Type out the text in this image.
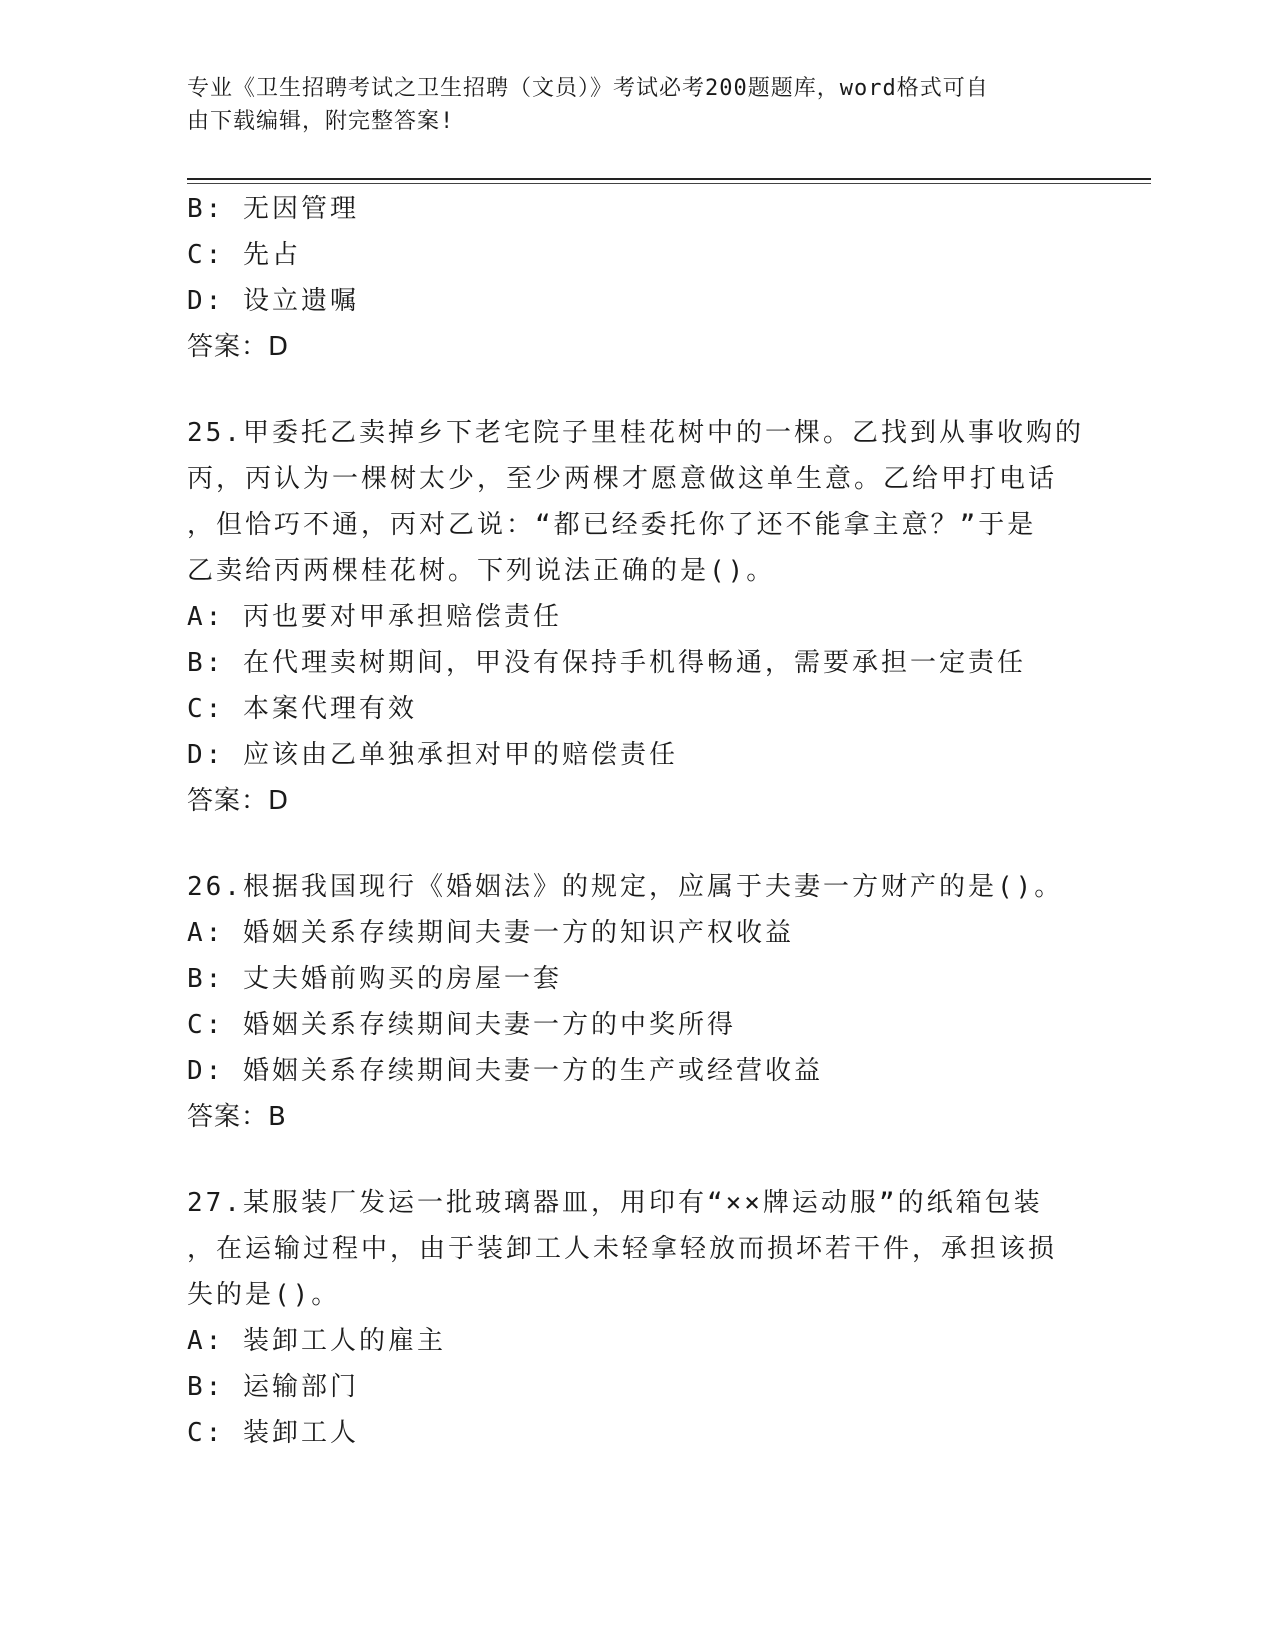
专业《卫生招聘考试之卫生招聘（文员）》考试必考200题题库，word格式可自
由下载编辑，附完整答案!
B: 无因管理
C: 先占
D: 设立遗嘱
答案：D
25.甲委托乙卖掉乡下老宅院子里桂花树中的一棵。乙找到从事收购的
丙，丙认为一棵树太少，至少两棵才愿意做这单生意。乙给甲打电话
，但恰巧不通，丙对乙说：“都已经委托你了还不能拿主意？”于是
乙卖给丙两棵桂花树。下列说法正确的是()。
A: 丙也要对甲承担赔偿责任
B: 在代理卖树期间，甲没有保持手机得畅通，需要承担一定责任
C: 本案代理有效
D: 应该由乙单独承担对甲的赔偿责任
答案：D
26.根据我国现行《婚姻法》的规定，应属于夫妻一方财产的是()。
A: 婚姻关系存续期间夫妻一方的知识产权收益
B: 丈夫婚前购买的房屋一套
C: 婚姻关系存续期间夫妻一方的中奖所得
D: 婚姻关系存续期间夫妻一方的生产或经营收益
答案：B
27.某服装厂发运一批玻璃器皿，用印有“××牌运动服”的纸箱包装
，在运输过程中，由于装卸工人未轻拿轻放而损坏若干件，承担该损
失的是()。
A: 装卸工人的雇主
B: 运输部门
C: 装卸工人
